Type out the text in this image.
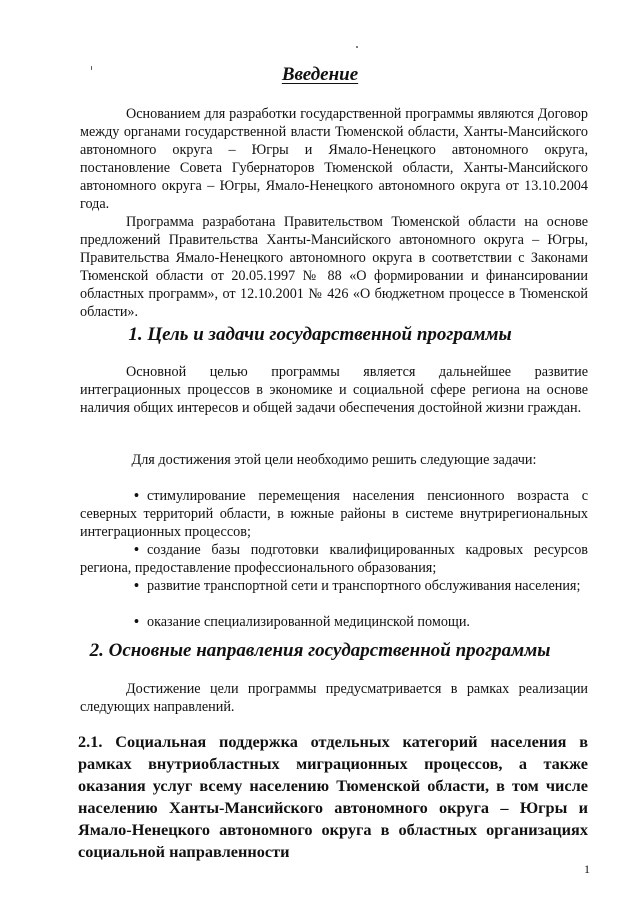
Введение

Основанием для разработки государственной программы являются Договор между органами государственной власти Тюменской области, Ханты-Мансийского автономного округа – Югры и Ямало-Ненецкого автономного округа, постановление Совета Губернаторов Тюменской области, Ханты-Мансийского автономного округа – Югры, Ямало-Ненецкого автономного округа от 13.10.2004 года.

Программа разработана Правительством Тюменской области на основе предложений Правительства Ханты-Мансийского автономного округа – Югры, Правительства Ямало-Ненецкого автономного округа в соответствии с Законами Тюменской области от 20.05.1997 № 88 «О формировании и финансировании областных программ», от 12.10.2001 № 426 «О бюджетном процессе в Тюменской области».

1. Цель и задачи государственной программы

Основной целью программы является дальнейшее развитие интеграционных процессов в экономике и социальной сфере региона на основе наличия общих интересов и общей задачи обеспечения достойной жизни граждан.

Для достижения этой цели необходимо решить следующие задачи:

• стимулирование перемещения населения пенсионного возраста с северных территорий области, в южные районы в системе внутрирегиональных интеграционных процессов;

• создание базы подготовки квалифицированных кадровых ресурсов региона, предоставление профессионального образования;

• развитие транспортной сети и транспортного обслуживания населения;

• оказание специализированной медицинской помощи.

2. Основные направления государственной программы

Достижение цели программы предусматривается в рамках реализации следующих направлений.

2.1. Социальная поддержка отдельных категорий населения в рамках внутриобластных миграционных процессов, а также оказания услуг всему населению Тюменской области, в том числе населению Ханты-Мансийского автономного округа – Югры и Ямало-Ненецкого автономного округа в областных организациях социальной направленности

1
